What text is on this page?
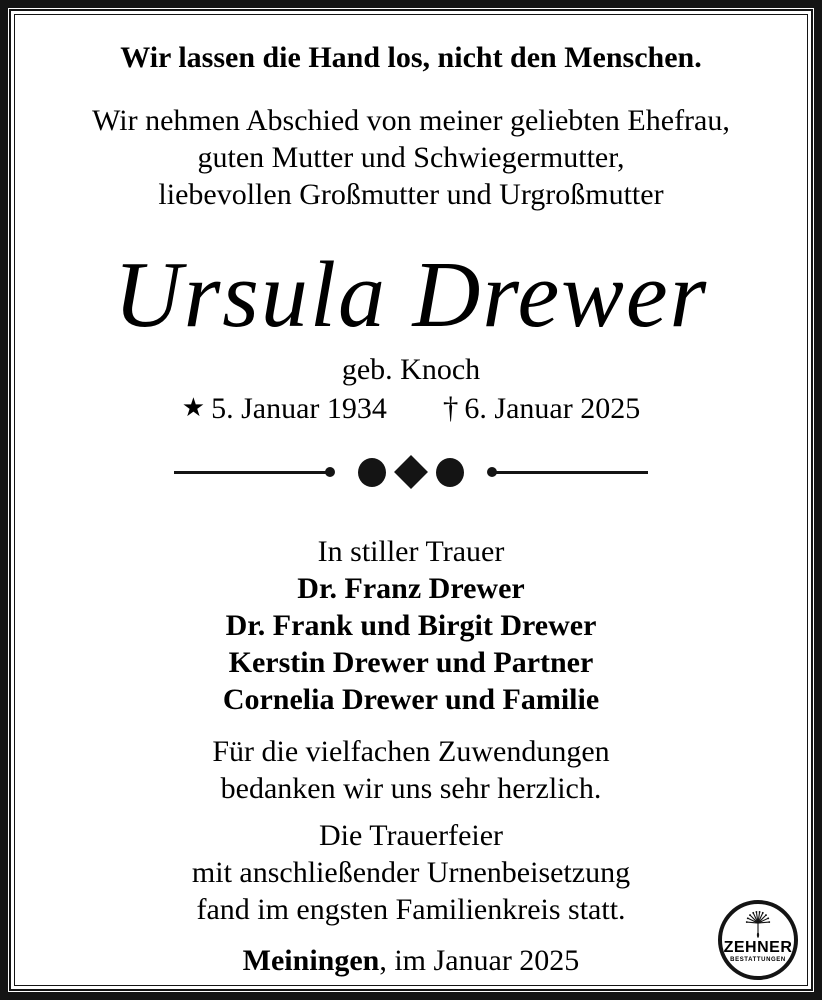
Wir lassen die Hand los, nicht den Menschen.

Wir nehmen Abschied von meiner geliebten Ehefrau,

guten Mutter und Schwiegermutter,

liebevollen Großmutter und Urgroßmutter

Ursula Drewer

geb. Knoch

★ 5. Januar 1934 † 6. Januar 2025

In stiller Trauer

Dr. Franz Drewer

Dr. Frank und Birgit Drewer

Kerstin Drewer und Partner

Cornelia Drewer und Familie

Für die vielfachen Zuwendungen

bedanken wir uns sehr herzlich.

Die Trauerfeier

mit anschließender Urnenbeisetzung

fand im engsten Familienkreis statt.

Meiningen, im Januar 2025	ZEHNER
BESTATTUNGEN
